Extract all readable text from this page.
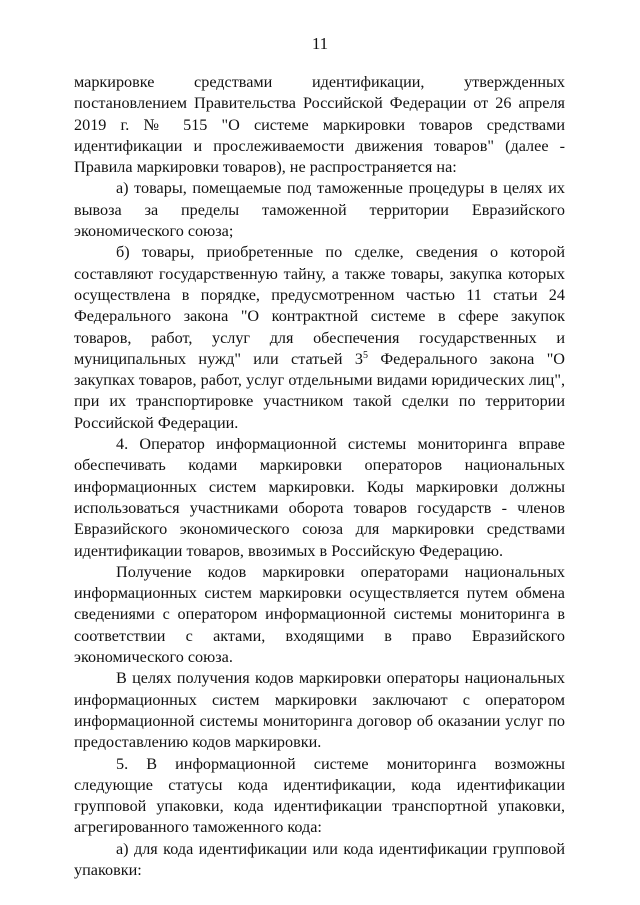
11

маркировке средствами идентификации, утвержденных постановлением Правительства Российской Федерации от 26 апреля 2019 г. № 515 "О системе маркировки товаров средствами идентификации и прослеживаемости движения товаров" (далее - Правила маркировки товаров), не распространяется на:

а) товары, помещаемые под таможенные процедуры в целях их вывоза за пределы таможенной территории Евразийского экономического союза;

б) товары, приобретенные по сделке, сведения о которой составляют государственную тайну, а также товары, закупка которых осуществлена в порядке, предусмотренном частью 11 статьи 24 Федерального закона "О контрактной системе в сфере закупок товаров, работ, услуг для обеспечения государственных и муниципальных нужд" или статьей $3^5$ Федерального закона "О закупках товаров, работ, услуг отдельными видами юридических лиц", при их транспортировке участником такой сделки по территории Российской Федерации.

4. Оператор информационной системы мониторинга вправе обеспечивать кодами маркировки операторов национальных информационных систем маркировки. Коды маркировки должны использоваться участниками оборота товаров государств - членов Евразийского экономического союза для маркировки средствами идентификации товаров, ввозимых в Российскую Федерацию.

Получение кодов маркировки операторами национальных информационных систем маркировки осуществляется путем обмена сведениями с оператором информационной системы мониторинга в соответствии с актами, входящими в право Евразийского экономического союза.

В целях получения кодов маркировки операторы национальных информационных систем маркировки заключают с оператором информационной системы мониторинга договор об оказании услуг по предоставлению кодов маркировки.

5. В информационной системе мониторинга возможны следующие статусы кода идентификации, кода идентификации групповой упаковки, кода идентификации транспортной упаковки, агрегированного таможенного кода:

а) для кода идентификации или кода идентификации групповой упаковки:
